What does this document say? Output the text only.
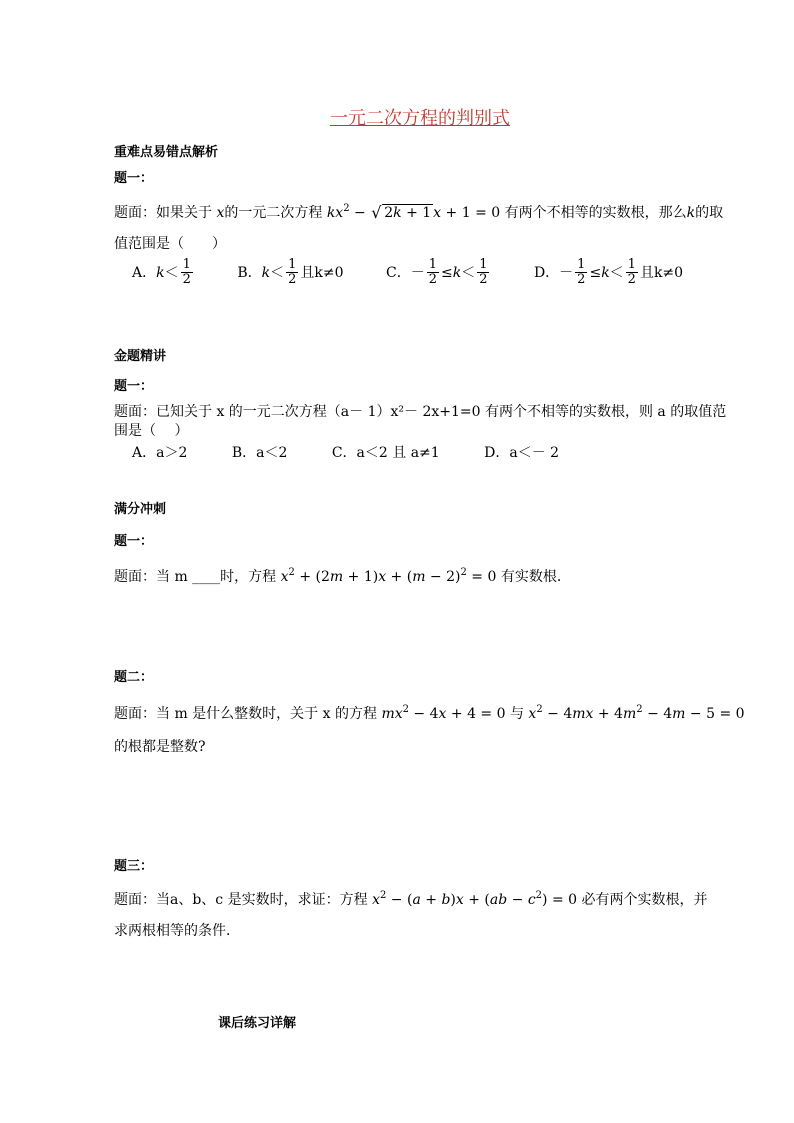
一元二次方程的判别式
重难点易错点解析
题一：
题面：如果关于 x的一元二次方程 $kx^2$ − √ 2k + 1 x + 1 = 0 有两个不相等的实数根，那么k的取
值范围是（　　）
A．$k< \frac{1}{2}$	B．$k< \frac{1}{2}$ 且k≠0	C．－ $\frac{1}{2} \le k< \frac{1}{2}$	D．－ $\frac{1}{2} \le k< \frac{1}{2}$ 且k≠0
金题精讲
题一：
题面：已知关于 x 的一元二次方程（a－ 1）x²－ 2x+1=0 有两个不相等的实数根，则 a 的取值范
围是（　 ）
A．a＞2	B．a＜2	C．a＜2 且 a≠1	D．a＜－ 2
满分冲刺
题一：
题面：当 m ____时，方程 $x^2 + (2m + 1)x + (m - 2)^2 = 0$ 有实数根．
题二：
题面：当 m 是什么整数时，关于 x 的方程 $mx^2 - 4x + 4 = 0$ 与 $x^2 - 4mx + 4m^2 - 4m - 5 = 0$
的根都是整数?
题三：
题面：当a、b、c 是实数时，求证：方程 $x^2 - (a + b)x + (ab - c^2) = 0$ 必有两个实数根，并
求两根相等的条件．
课后练习详解
